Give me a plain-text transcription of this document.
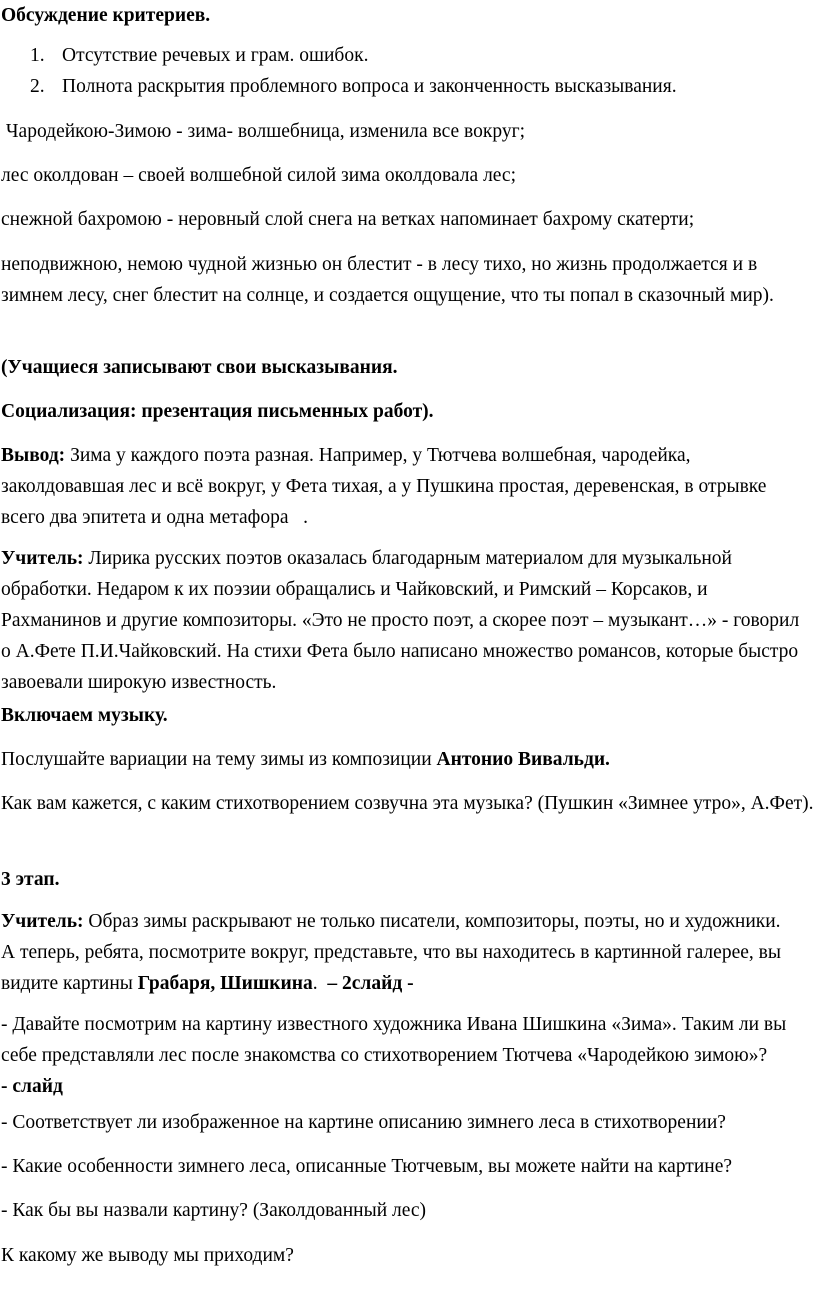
Обсуждение критериев.

1. Отсутствие речевых и грам. ошибок.
2. Полнота раскрытия проблемного вопроса и законченность высказывания.

Чародейкою-Зимою - зима- волшебница, изменила все вокруг;

лес околдован – своей волшебной силой зима околдовала лес;

снежной бахромою - неровный слой снега на ветках напоминает бахрому скатерти;

неподвижною, немою чудной жизнью он блестит - в лесу тихо, но жизнь продолжается и в зимнем лесу, снег блестит на солнце, и создается ощущение, что ты попал в сказочный мир).

(Учащиеся записывают свои высказывания.

Социализация: презентация письменных работ).

Вывод: Зима у каждого поэта разная. Например, у Тютчева волшебная, чародейка, заколдовавшая лес и всё вокруг, у Фета тихая, а у Пушкина простая, деревенская, в отрывке всего два эпитета и одна метафора   .

Учитель: Лирика русских поэтов оказалась благодарным материалом для музыкальной обработки. Недаром к их поэзии обращались и Чайковский, и Римский – Корсаков, и Рахманинов и другие композиторы. «Это не просто поэт, а скорее поэт – музыкант…» - говорил о А.Фете П.И.Чайковский. На стихи Фета было написано множество романсов, которые быстро завоевали широкую известность.

Включаем музыку.

Послушайте вариации на тему зимы из композиции Антонио Вивальди.

Как вам кажется, с каким стихотворением созвучна эта музыка? (Пушкин «Зимнее утро», А.Фет).

3 этап.

Учитель: Образ зимы раскрывают не только писатели, композиторы, поэты, но и художники. А теперь, ребята, посмотрите вокруг, представьте, что вы находитесь в картинной галерее, вы видите картины Грабаря, Шишкина.  – 2слайд -

- Давайте посмотрим на картину известного художника Ивана Шишкина «Зима». Таким ли вы себе представляли лес после знакомства со стихотворением Тютчева «Чародейкою зимою»?        - слайд

- Соответствует ли изображенное на картине описанию зимнего леса в стихотворении?

- Какие особенности зимнего леса, описанные Тютчевым, вы можете найти на картине?

- Как бы вы назвали картину? (Заколдованный лес)

К какому же выводу мы приходим?
